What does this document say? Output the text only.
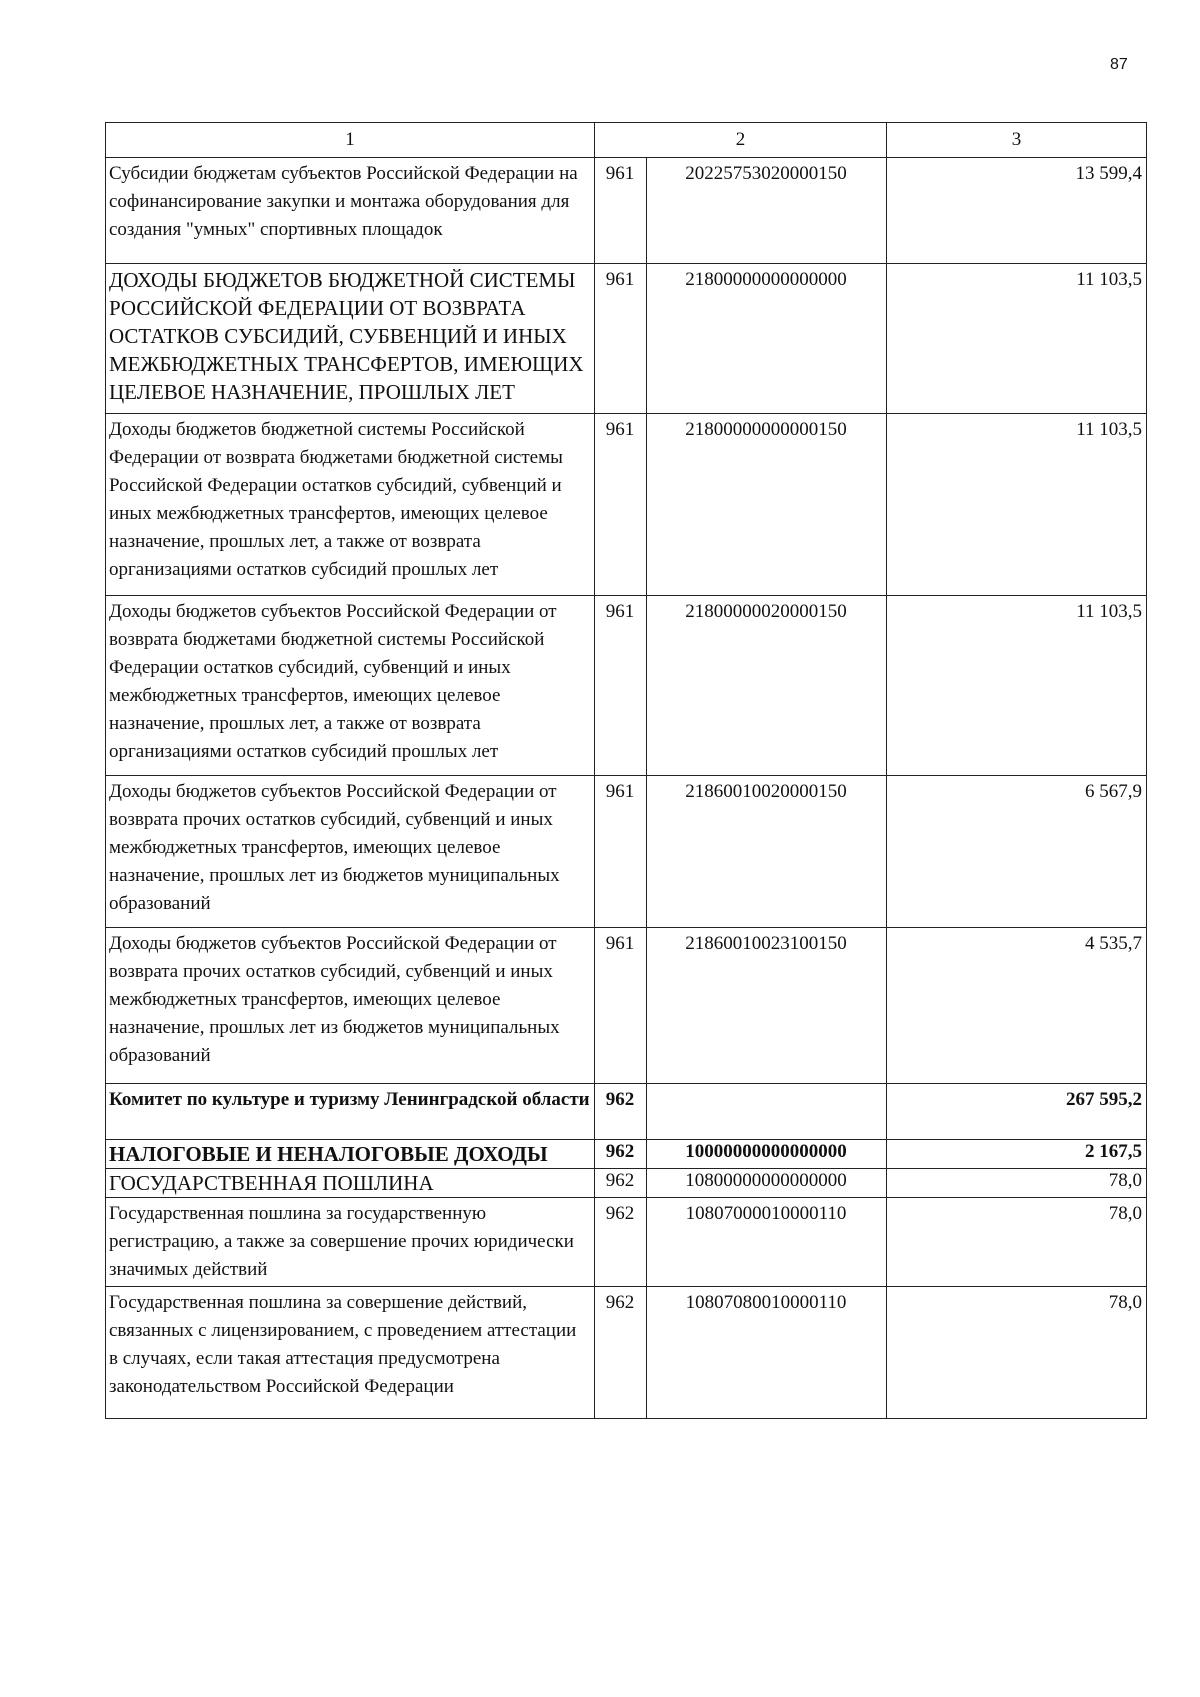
87
1	2		3
Субсидии бюджетам субъектов Российской Федерации на софинансирование закупки и монтажа оборудования для создания "умных" спортивных площадок	961	20225753020000150	13 599,4
ДОХОДЫ БЮДЖЕТОВ БЮДЖЕТНОЙ СИСТЕМЫ РОССИЙСКОЙ ФЕДЕРАЦИИ ОТ ВОЗВРАТА ОСТАТКОВ СУБСИДИЙ, СУБВЕНЦИЙ И ИНЫХ МЕЖБЮДЖЕТНЫХ ТРАНСФЕРТОВ, ИМЕЮЩИХ ЦЕЛЕВОЕ НАЗНАЧЕНИЕ, ПРОШЛЫХ ЛЕТ	961	21800000000000000	11 103,5
Доходы бюджетов бюджетной системы Российской Федерации от возврата бюджетами бюджетной системы Российской Федерации остатков субсидий, субвенций и иных межбюджетных трансфертов, имеющих целевое назначение, прошлых лет, а также от возврата организациями остатков субсидий прошлых лет	961	21800000000000150	11 103,5
Доходы бюджетов субъектов Российской Федерации от возврата бюджетами бюджетной системы Российской Федерации остатков субсидий, субвенций и иных межбюджетных трансфертов, имеющих целевое назначение, прошлых лет, а также от возврата организациями остатков субсидий прошлых лет	961	21800000020000150	11 103,5
Доходы бюджетов субъектов Российской Федерации от возврата прочих остатков субсидий, субвенций и иных межбюджетных трансфертов, имеющих целевое назначение, прошлых лет из бюджетов муниципальных образований	961	21860010020000150	6 567,9
Доходы бюджетов субъектов Российской Федерации от возврата прочих остатков субсидий, субвенций и иных межбюджетных трансфертов, имеющих целевое назначение, прошлых лет из бюджетов муниципальных образований	961	21860010023100150	4 535,7
Комитет по культуре и туризму Ленинградской области	962		267 595,2
НАЛОГОВЫЕ И НЕНАЛОГОВЫЕ ДОХОДЫ	962	10000000000000000	2 167,5
ГОСУДАРСТВЕННАЯ ПОШЛИНА	962	10800000000000000	78,0
Государственная пошлина за государственную регистрацию, а также за совершение прочих юридически значимых действий	962	10807000010000110	78,0
Государственная пошлина за совершение действий, связанных с лицензированием, с проведением аттестации в случаях, если такая аттестация предусмотрена законодательством Российской Федерации	962	10807080010000110	78,0
